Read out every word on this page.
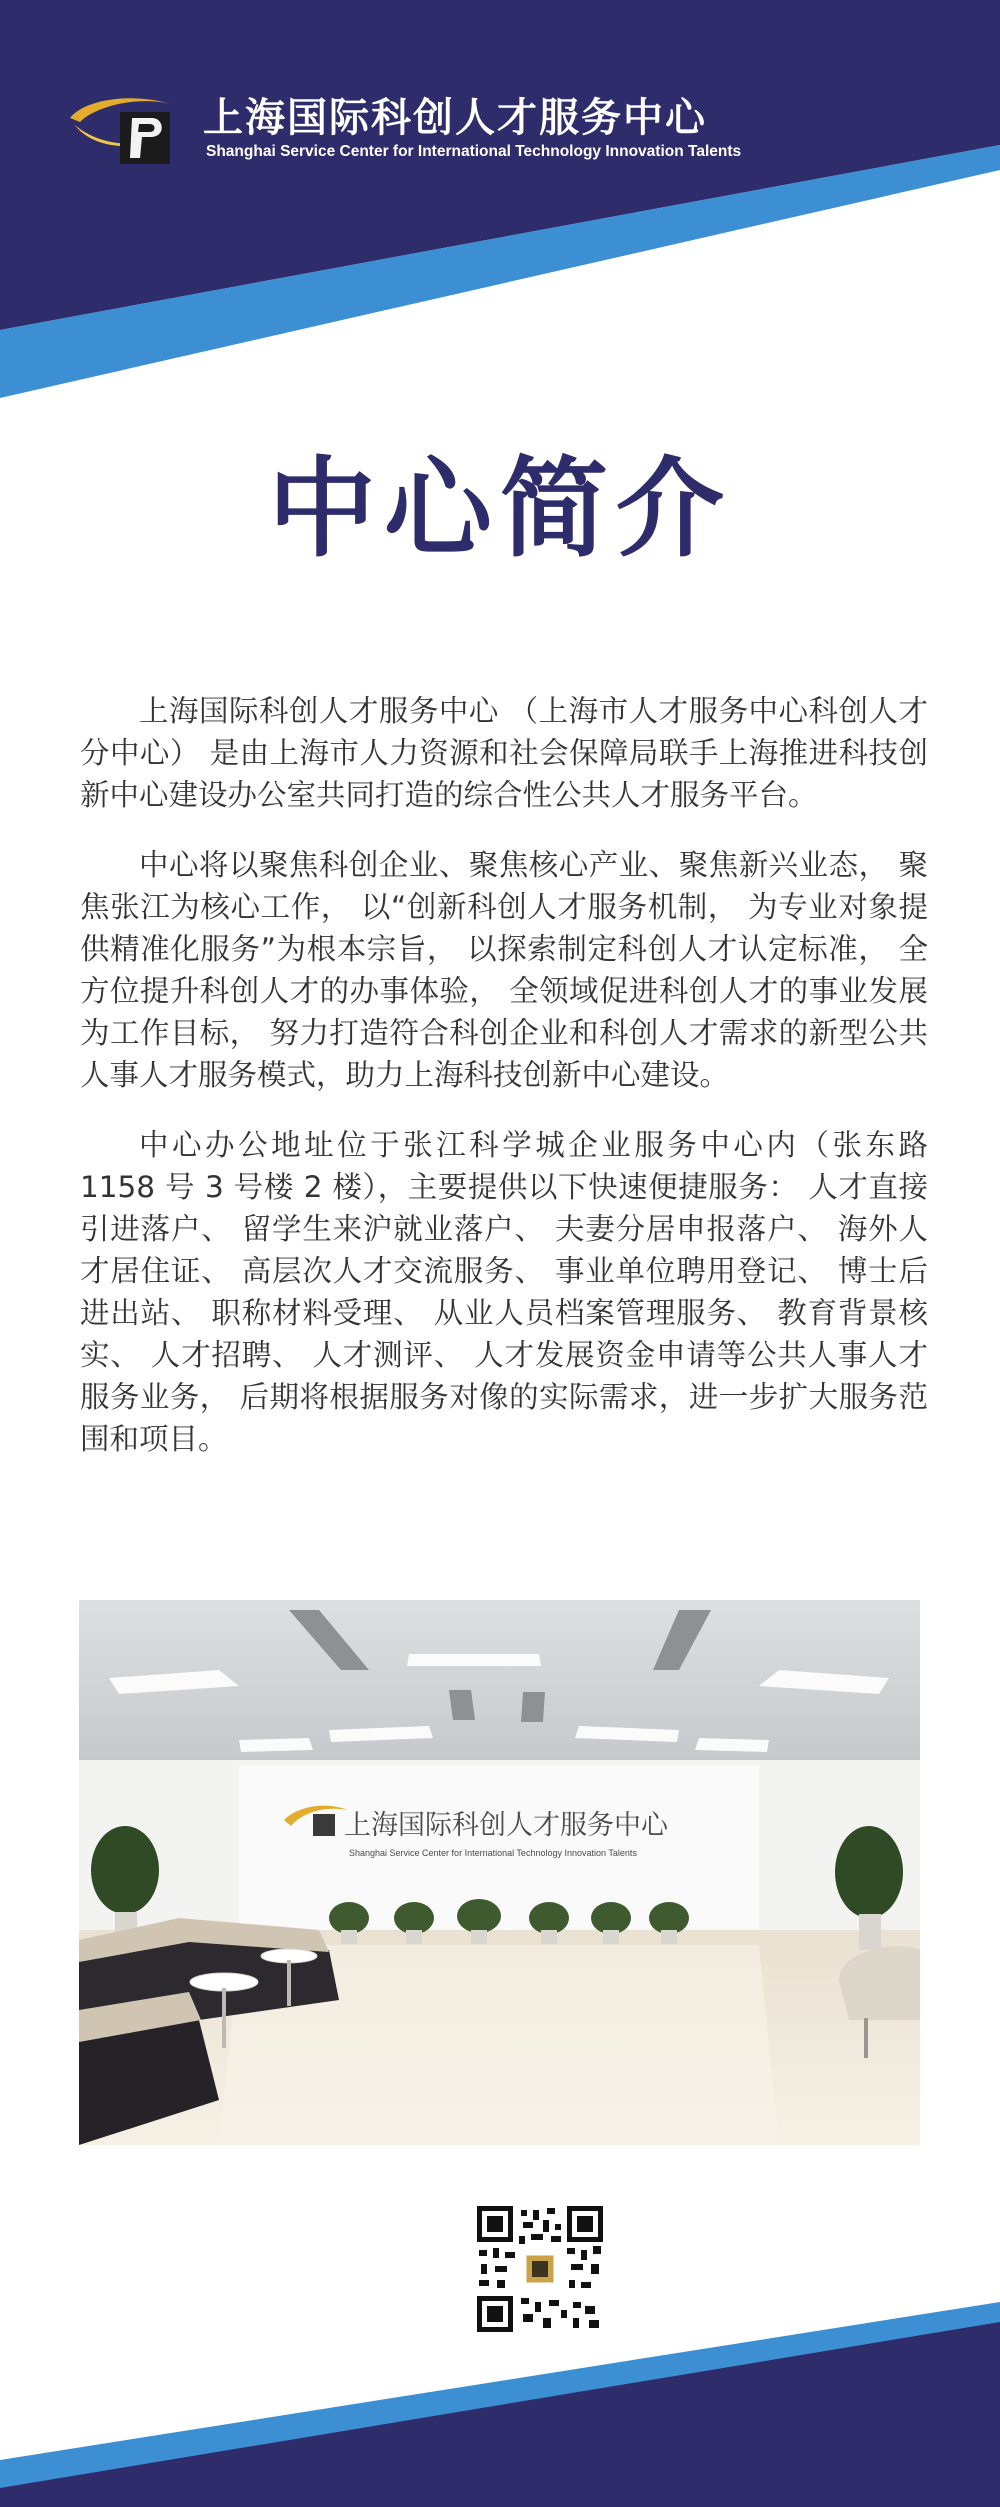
上海国际科创人才服务中心
Shanghai Service Center for International Technology Innovation Talents
中心简介

上海国际科创人才服务中心 （上海市人才服务中心科创人才分中心） 是由上海市人力资源和社会保障局联手上海推进科技创新中心建设办公室共同打造的综合性公共人才服务平台。

中心将以聚焦科创企业、聚焦核心产业、聚焦新兴业态， 聚焦张江为核心工作， 以“创新科创人才服务机制， 为专业对象提供精准化服务”为根本宗旨， 以探索制定科创人才认定标准， 全方位提升科创人才的办事体验， 全领域促进科创人才的事业发展为工作目标， 努力打造符合科创企业和科创人才需求的新型公共人事人才服务模式，助力上海科技创新中心建设。

中心办公地址位于张江科学城企业服务中心内（张东路 1158 号 3 号楼 2 楼），主要提供以下快速便捷服务： 人才直接引进落户、 留学生来沪就业落户、 夫妻分居申报落户、 海外人才居住证、 高层次人才交流服务、 事业单位聘用登记、 博士后进出站、 职称材料受理、 从业人员档案管理服务、 教育背景核实、 人才招聘、 人才测评、 人才发展资金申请等公共人事人才服务业务， 后期将根据服务对像的实际需求，进一步扩大服务范围和项目。

上海国际科创人才服务中心
Shanghai Service Center for International Technology Innovation Talents
